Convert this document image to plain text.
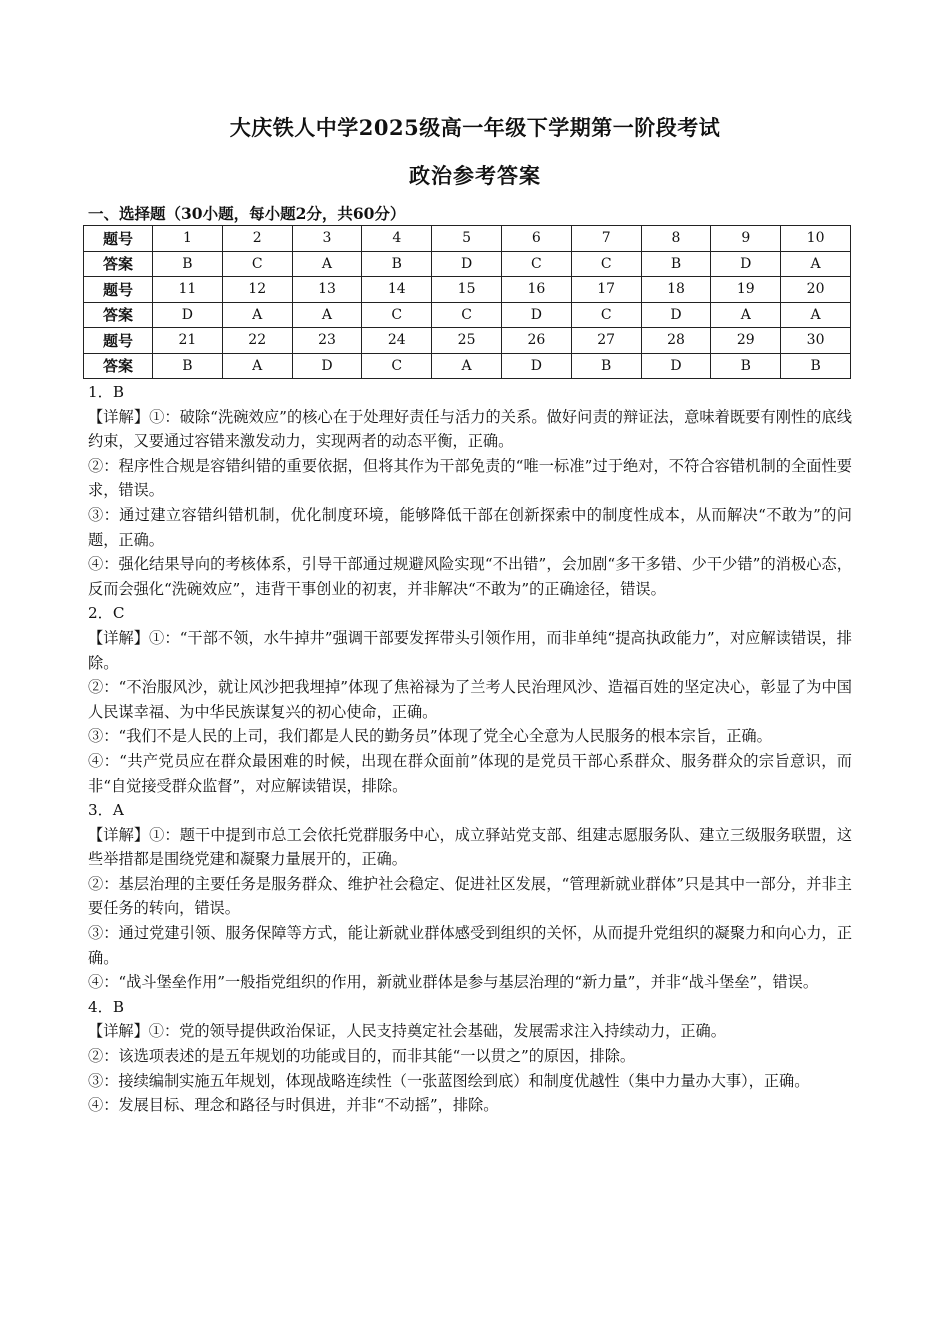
大庆铁人中学2025级高一年级下学期第一阶段考试
政治参考答案
一、选择题（30小题，每小题2分，共60分）
题号	1	2	3	4	5	6	7	8	9	10
答案	B	C	A	B	D	C	C	B	D	A
题号	11	12	13	14	15	16	17	18	19	20
答案	D	A	A	C	C	D	C	D	A	A
题号	21	22	23	24	25	26	27	28	29	30
答案	B	A	D	C	A	D	B	D	B	B

1．B

【详解】①：破除“洗碗效应”的核心在于处理好责任与活力的关系。做好问责的辩证法，意味着既要有刚性的底线约束，又要通过容错来激发动力，实现两者的动态平衡，正确。

②：程序性合规是容错纠错的重要依据，但将其作为干部免责的“唯一标准”过于绝对，不符合容错机制的全面性要求，错误。

③：通过建立容错纠错机制，优化制度环境，能够降低干部在创新探索中的制度性成本，从而解决“不敢为”的问题，正确。

④：强化结果导向的考核体系，引导干部通过规避风险实现“不出错”，会加剧“多干多错、少干少错”的消极心态，反而会强化“洗碗效应”，违背干事创业的初衷，并非解决“不敢为”的正确途径，错误。

2．C

【详解】①：“干部不领，水牛掉井”强调干部要发挥带头引领作用，而非单纯“提高执政能力”，对应解读错误，排除。

②：“不治服风沙，就让风沙把我埋掉”体现了焦裕禄为了兰考人民治理风沙、造福百姓的坚定决心，彰显了为中国人民谋幸福、为中华民族谋复兴的初心使命，正确。

③：“我们不是人民的上司，我们都是人民的勤务员”体现了党全心全意为人民服务的根本宗旨，正确。

④：“共产党员应在群众最困难的时候，出现在群众面前”体现的是党员干部心系群众、服务群众的宗旨意识，而非“自觉接受群众监督”，对应解读错误，排除。

3．A

【详解】①：题干中提到市总工会依托党群服务中心，成立驿站党支部、组建志愿服务队、建立三级服务联盟，这些举措都是围绕党建和凝聚力量展开的，正确。

②：基层治理的主要任务是服务群众、维护社会稳定、促进社区发展，“管理新就业群体”只是其中一部分，并非主要任务的转向，错误。

③：通过党建引领、服务保障等方式，能让新就业群体感受到组织的关怀，从而提升党组织的凝聚力和向心力，正确。

④：“战斗堡垒作用”一般指党组织的作用，新就业群体是参与基层治理的“新力量”，并非“战斗堡垒”，错误。

4．B

【详解】①：党的领导提供政治保证，人民支持奠定社会基础，发展需求注入持续动力，正确。

②：该选项表述的是五年规划的功能或目的，而非其能“一以贯之”的原因，排除。

③：接续编制实施五年规划，体现战略连续性（一张蓝图绘到底）和制度优越性（集中力量办大事），正确。

④：发展目标、理念和路径与时俱进，并非“不动摇”，排除。
